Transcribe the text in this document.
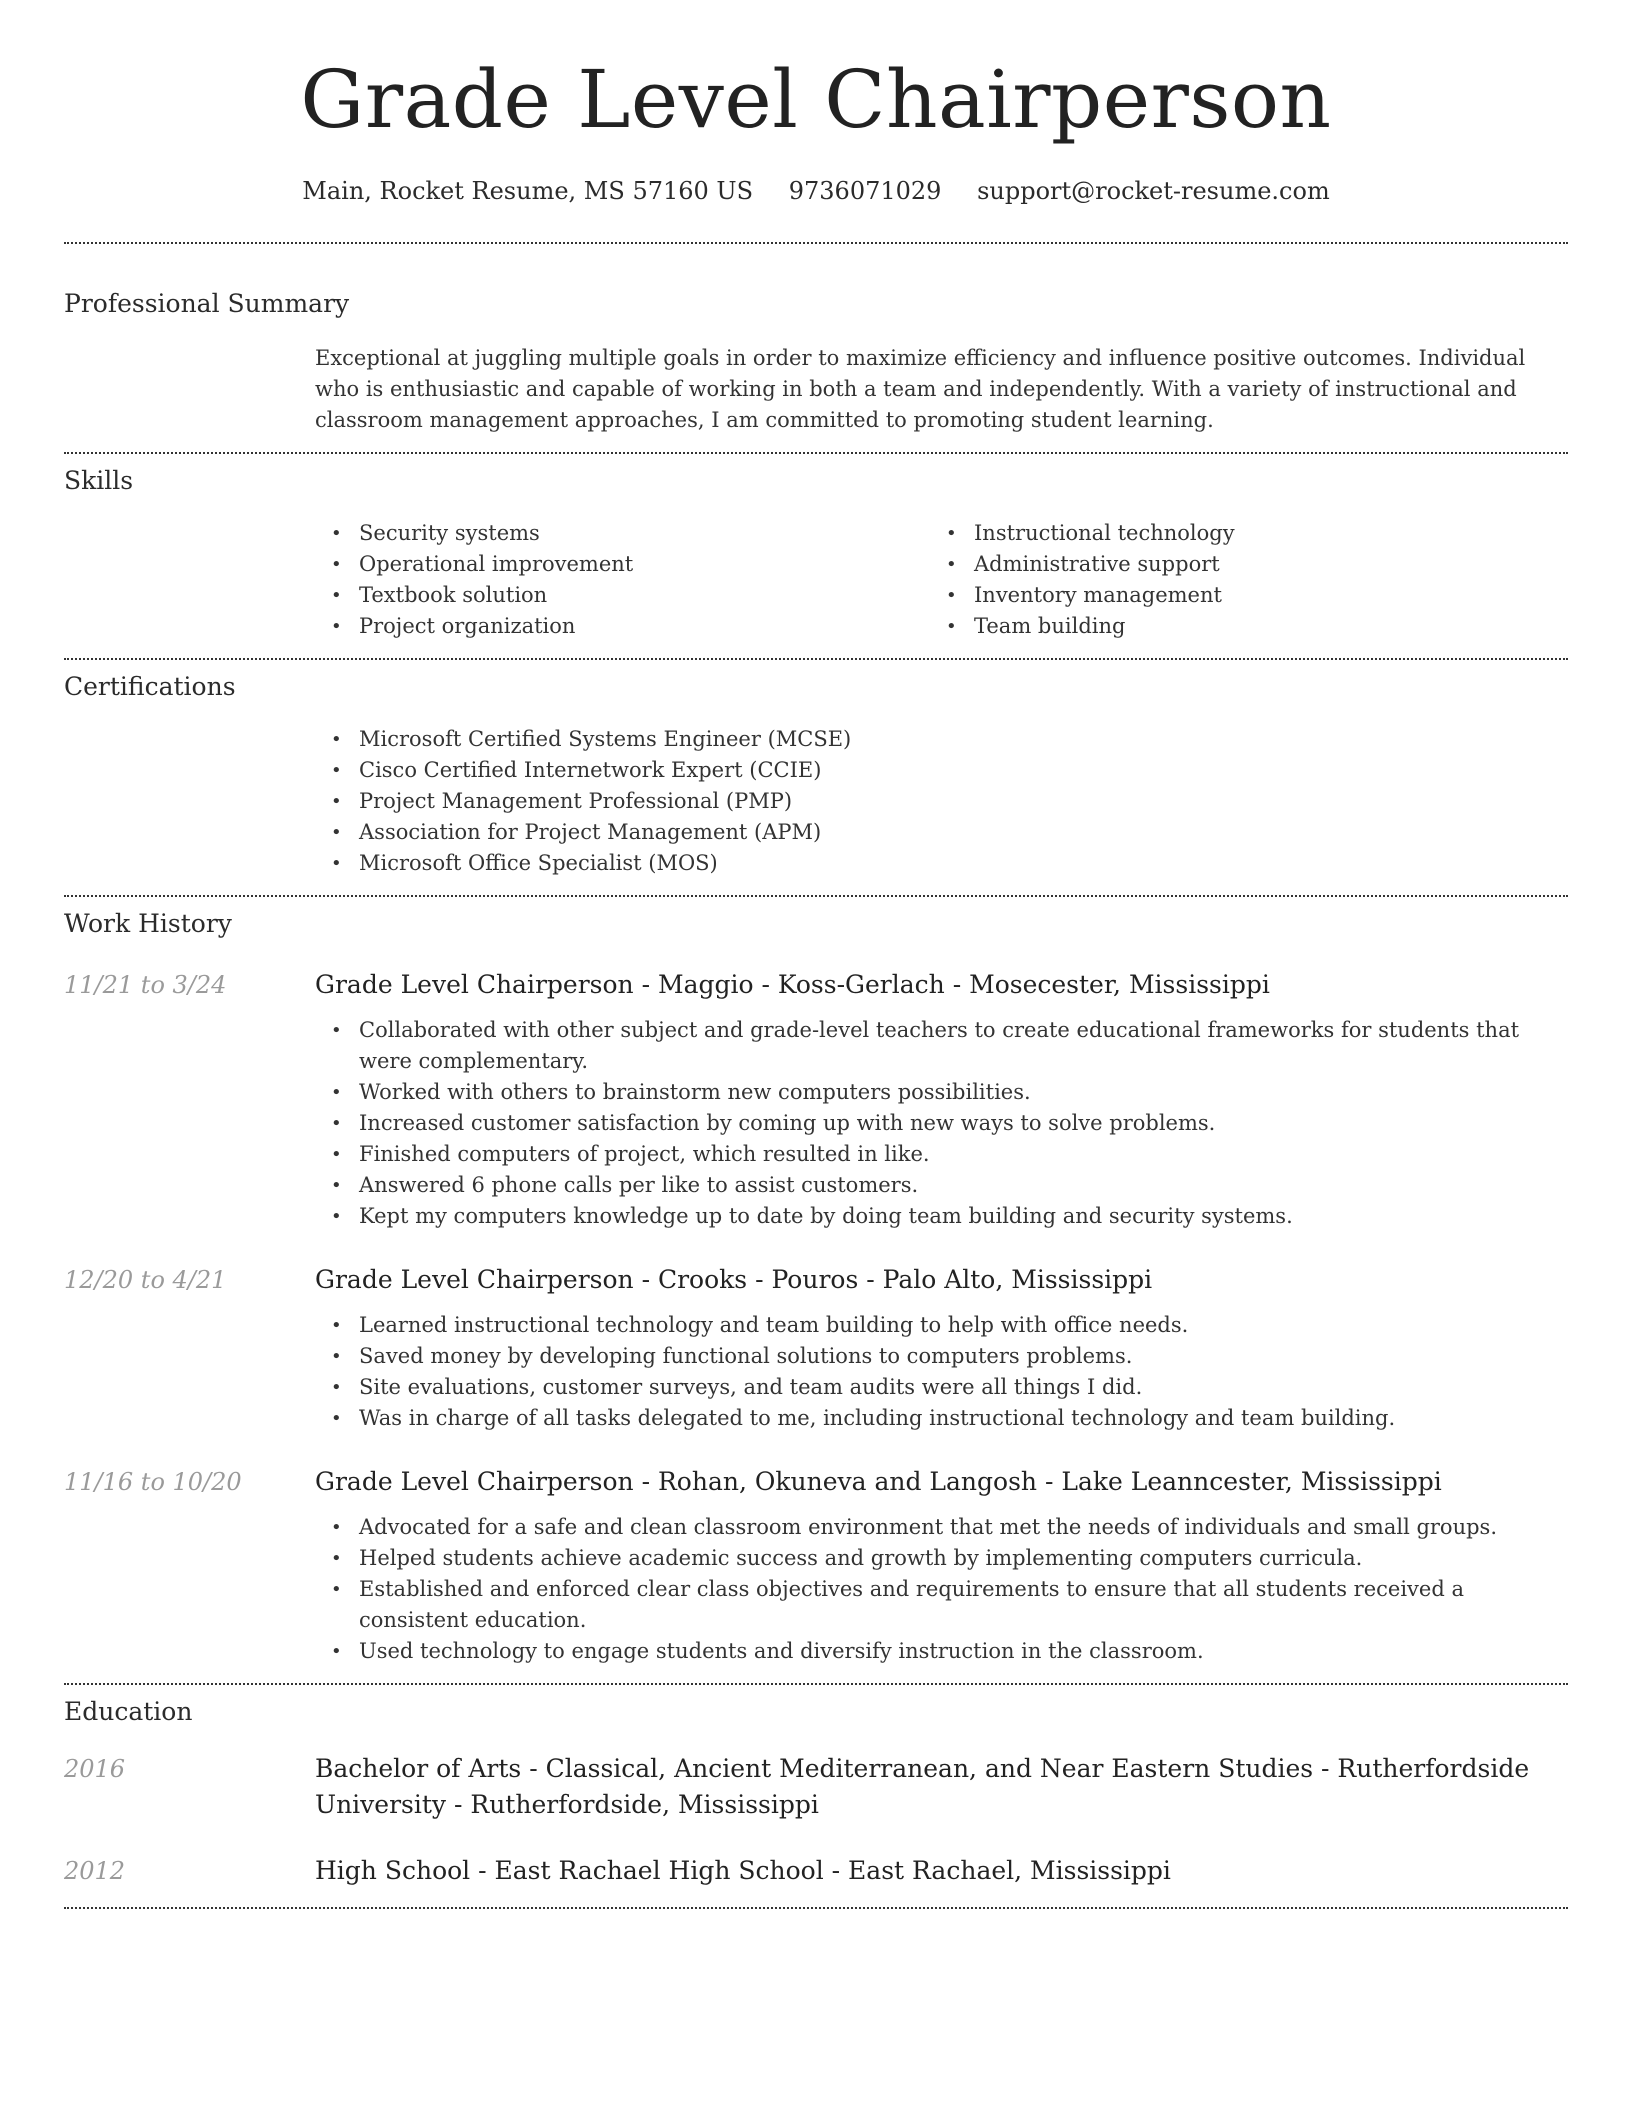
Grade Level Chairperson
Main, Rocket Resume, MS 57160 US 9736071029 support@rocket-resume.com
Professional Summary

Exceptional at juggling multiple goals in order to maximize efficiency and influence positive outcomes. Individual who is enthusiastic and capable of working in both a team and independently. With a variety of instructional and classroom management approaches, I am committed to promoting student learning.

Skills
• Security systems
• Operational improvement
• Textbook solution
• Project organization
• Instructional technology
• Administrative support
• Inventory management
• Team building
Certifications
• Microsoft Certified Systems Engineer (MCSE)
• Cisco Certified Internetwork Expert (CCIE)
• Project Management Professional (PMP)
• Association for Project Management (APM)
• Microsoft Office Specialist (MOS)
Work History
11/21 to 3/24	Grade Level Chairperson - Maggio - Koss-Gerlach - Mosecester, Mississippi
• Collaborated with other subject and grade-level teachers to create educational frameworks for students that were complementary.
• Worked with others to brainstorm new computers possibilities.
• Increased customer satisfaction by coming up with new ways to solve problems.
• Finished computers of project, which resulted in like.
• Answered 6 phone calls per like to assist customers.
• Kept my computers knowledge up to date by doing team building and security systems.
12/20 to 4/21	Grade Level Chairperson - Crooks - Pouros - Palo Alto, Mississippi
• Learned instructional technology and team building to help with office needs.
• Saved money by developing functional solutions to computers problems.
• Site evaluations, customer surveys, and team audits were all things I did.
• Was in charge of all tasks delegated to me, including instructional technology and team building.
11/16 to 10/20	Grade Level Chairperson - Rohan, Okuneva and Langosh - Lake Leanncester, Mississippi
• Advocated for a safe and clean classroom environment that met the needs of individuals and small groups.
• Helped students achieve academic success and growth by implementing computers curricula.
• Established and enforced clear class objectives and requirements to ensure that all students received a consistent education.
• Used technology to engage students and diversify instruction in the classroom.
Education
2016	Bachelor of Arts - Classical, Ancient Mediterranean, and Near Eastern Studies - Rutherfordside University - Rutherfordside, Mississippi
2012	High School - East Rachael High School - East Rachael, Mississippi
